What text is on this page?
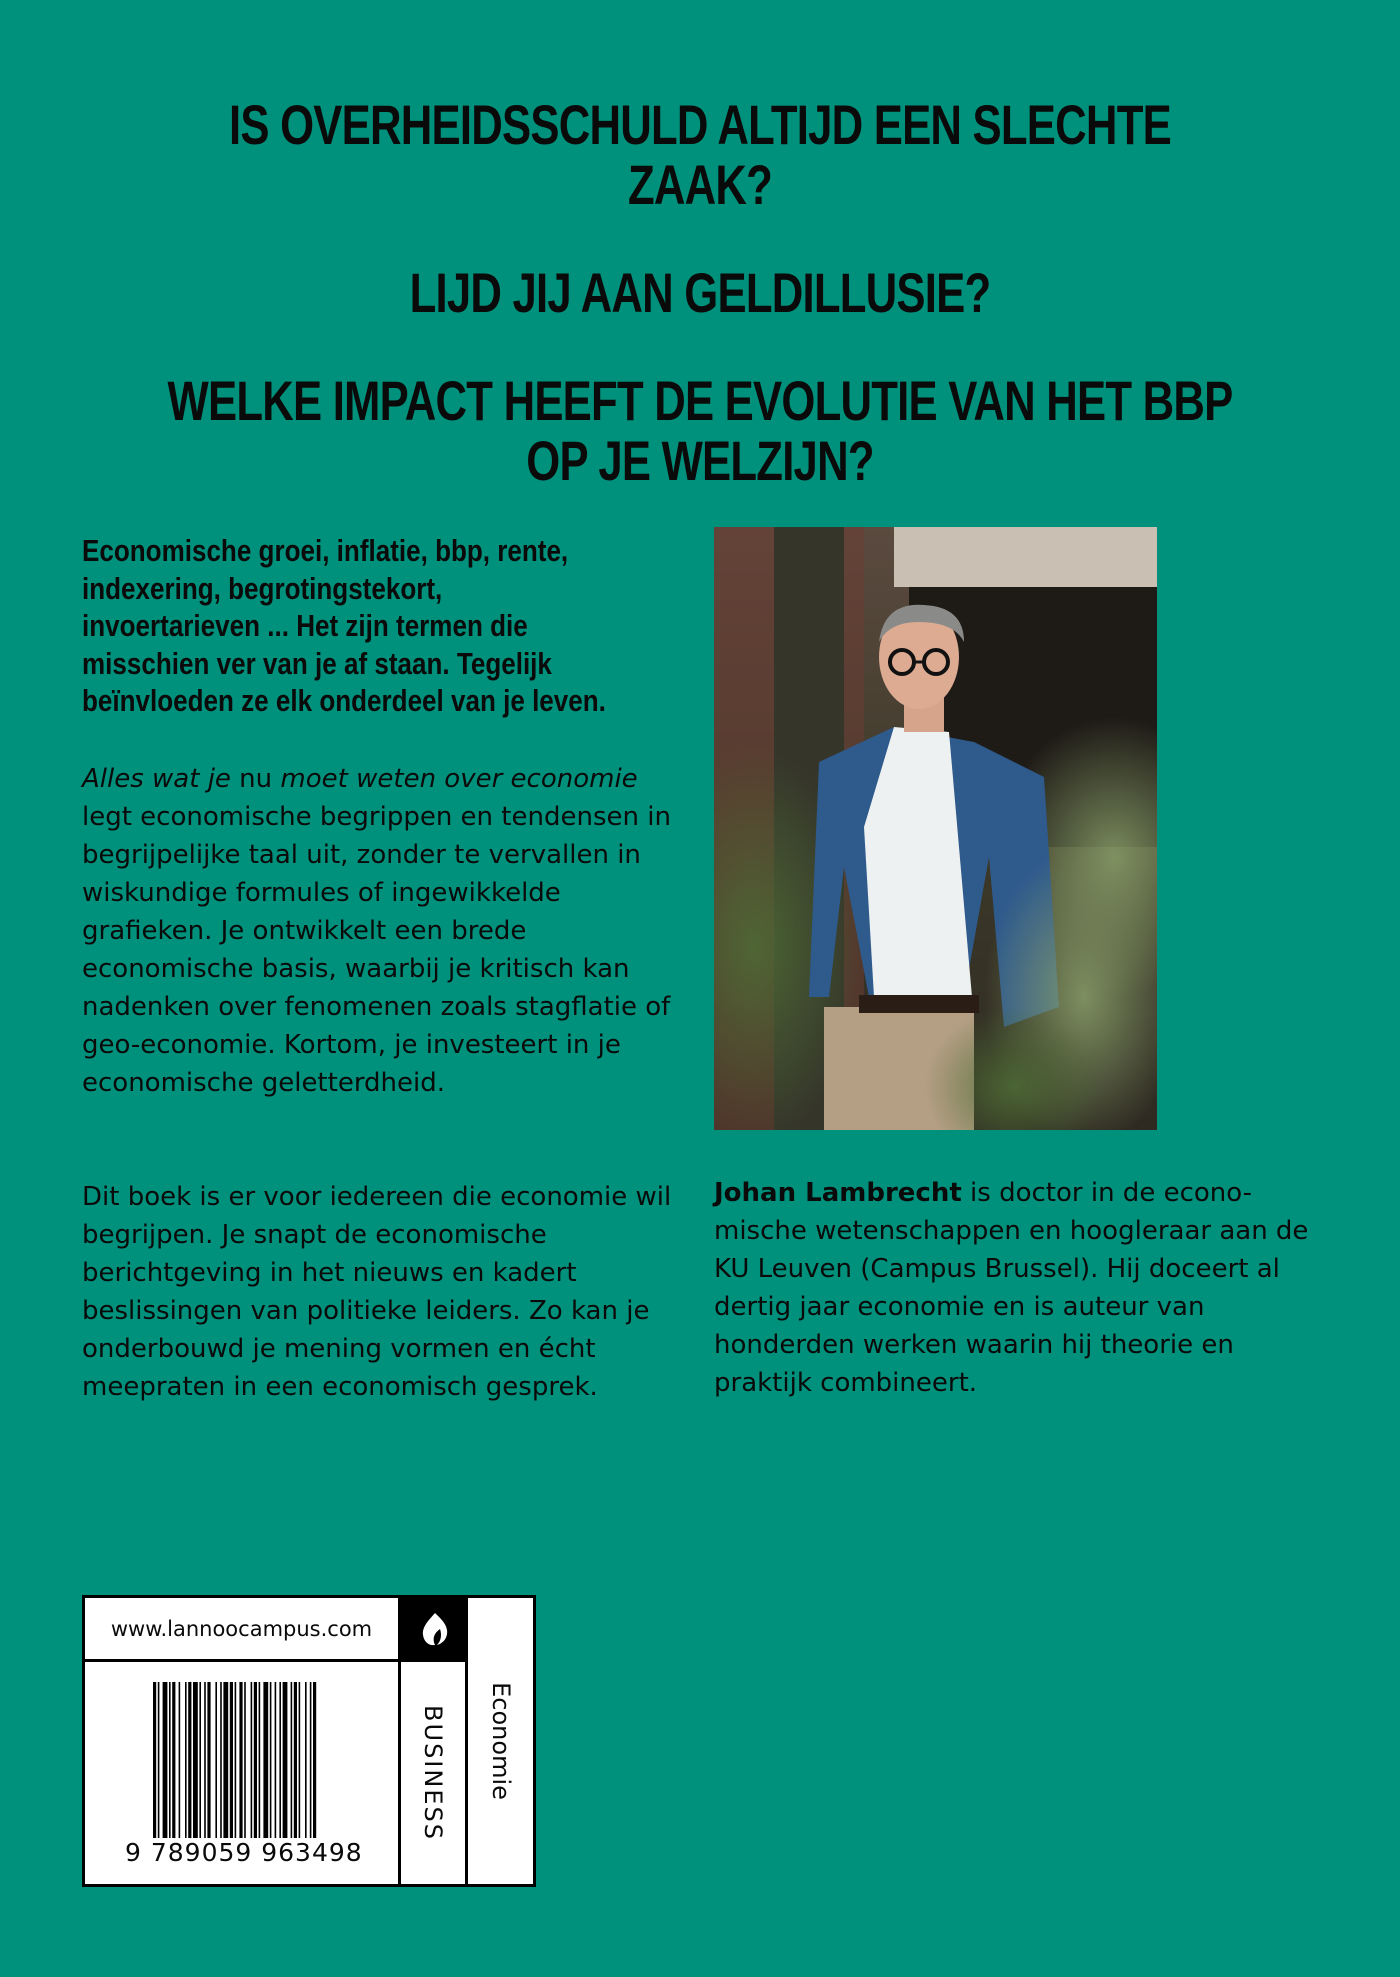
IS OVERHEIDSSCHULD ALTIJD EEN SLECHTE ZAAK?

LIJD JIJ AAN GELDILLUSIE?

WELKE IMPACT HEEFT DE EVOLUTIE VAN HET BBP

OP JE WELZIJN?

Economische groei, inflatie, bbp, rente,
indexering, begrotingstekort,
invoertarieven ... Het zijn termen die
misschien ver van je af staan. Tegelijk
beïnvloeden ze elk onderdeel van je leven.

Alles wat je nu moet weten over economie legt economische begrippen en tendensen in begrijpelijke taal uit, zonder te vervallen in wiskundige formules of ingewikkelde grafieken. Je ontwikkelt een brede economische basis, waarbij je kritisch kan nadenken over fenomenen zoals stagflatie of geo-economie. Kortom, je investeert in je economische geletterdheid.

Dit boek is er voor iedereen die economie wil begrijpen. Je snapt de economische berichtgeving in het nieuws en kadert beslissingen van politieke leiders. Zo kan je onderbouwd je mening vormen en écht meepraten in een economisch gesprek.

Johan Lambrecht is doctor in de econo-mische wetenschappen en hoogleraar aan de KU Leuven (Campus Brussel). Hij doceert al dertig jaar economie en is auteur van honderden werken waarin hij theorie en praktijk combineert.

www.lannoocampus.com
9 789059 963498
BUSINESS Economie
